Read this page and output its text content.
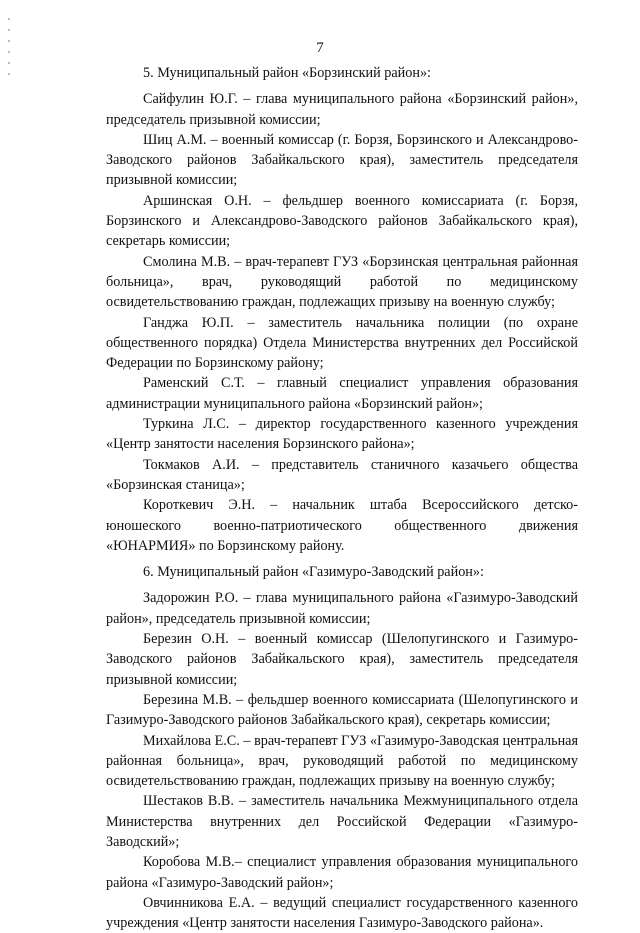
7

5. Муниципальный район «Борзинский район»:

Сайфулин Ю.Г. – глава муниципального района «Борзинский район», председатель призывной комиссии;

Шиц А.М. – военный комиссар (г. Борзя, Борзинского и Александрово-Заводского районов Забайкальского края), заместитель председателя призывной комиссии;

Аршинская О.Н. – фельдшер военного комиссариата (г. Борзя, Борзинского и Александрово-Заводского районов Забайкальского края), секретарь комиссии;

Смолина М.В. – врач-терапевт ГУЗ «Борзинская центральная районная больница», врач, руководящий работой по медицинскому освидетельствованию граждан, подлежащих призыву на военную службу;

Ганджа Ю.П. – заместитель начальника полиции (по охране общественного порядка) Отдела Министерства внутренних дел Российской Федерации по Борзинскому району;

Раменский С.Т. – главный специалист управления образования администрации муниципального района «Борзинский район»;

Туркина Л.С. – директор государственного казенного учреждения «Центр занятости населения Борзинского района»;

Токмаков А.И. – представитель станичного казачьего общества «Борзинская станица»;

Короткевич Э.Н. – начальник штаба Всероссийского детско-юношеского военно-патриотического общественного движения «ЮНАРМИЯ» по Борзинскому району.

6. Муниципальный район «Газимуро-Заводский район»:

Задорожин Р.О. – глава муниципального района «Газимуро-Заводский район», председатель призывной комиссии;

Березин О.Н. – военный комиссар (Шелопугинского и Газимуро-Заводского районов Забайкальского края), заместитель председателя призывной комиссии;

Березина М.В. – фельдшер военного комиссариата (Шелопугинского и Газимуро-Заводского районов Забайкальского края), секретарь комиссии;

Михайлова Е.С. – врач-терапевт ГУЗ «Газимуро-Заводская центральная районная больница», врач, руководящий работой по медицинскому освидетельствованию граждан, подлежащих призыву на военную службу;

Шестаков В.В. – заместитель начальника Межмуниципального отдела Министерства внутренних дел Российской Федерации «Газимуро-Заводский»;

Коробова М.В.– специалист управления образования муниципального района «Газимуро-Заводский район»;

Овчинникова Е.А. – ведущий специалист государственного казенного учреждения «Центр занятости населения Газимуро-Заводского района».
